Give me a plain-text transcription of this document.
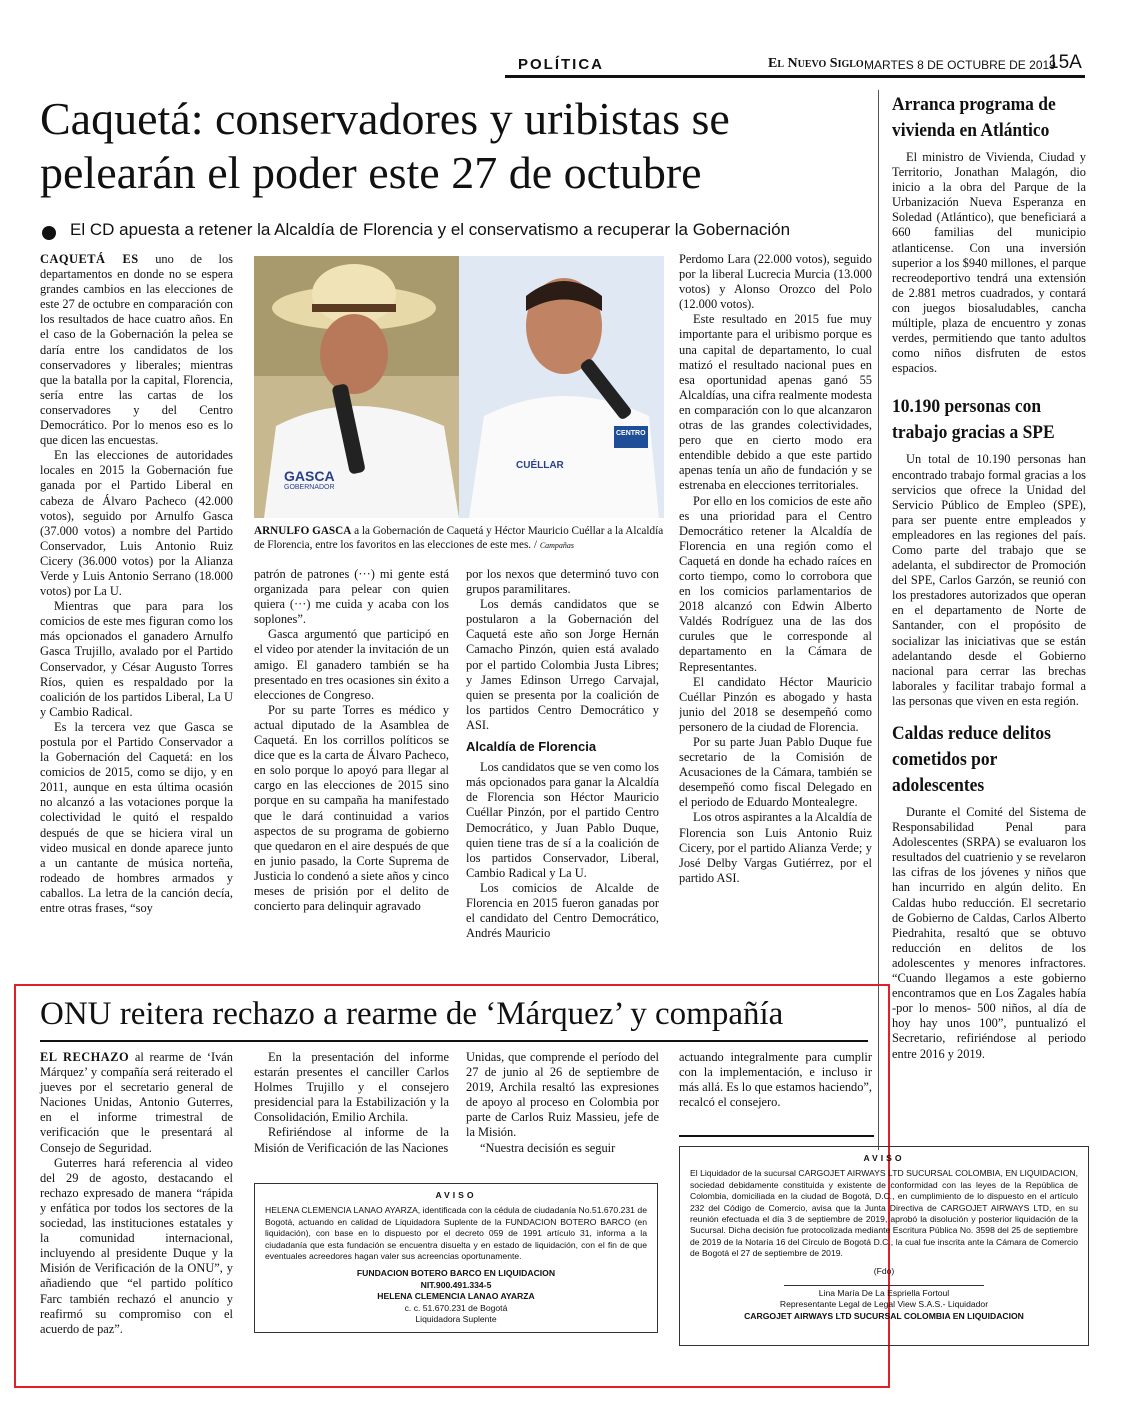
POLÍTICA	El Nuevo Siglo MARTES 8 DE OCTUBRE DE 2019
15A
Caquetá: conservadores y uribistas se pelearán el poder este 27 de octubre
El CD apuesta a retener la Alcaldía de Florencia y el conservatismo a recuperar la Gobernación

CAQUETÁ ES uno de los departamentos en donde no se espera grandes cambios en las elecciones de este 27 de octubre en comparación con los resultados de hace cuatro años. En el caso de la Gobernación la pelea se daría entre los candidatos de los conservadores y liberales; mientras que la batalla por la capital, Florencia, sería entre las cartas de los conservadores y del Centro Democrático. Por lo menos eso es lo que dicen las encuestas.

En las elecciones de autoridades locales en 2015 la Gobernación fue ganada por el Partido Liberal en cabeza de Álvaro Pacheco (42.000 votos), seguido por Arnulfo Gasca (37.000 votos) a nombre del Partido Conservador, Luis Antonio Ruiz Cicery (36.000 votos) por la Alianza Verde y Luis Antonio Serrano (18.000 votos) por La U.

Mientras que para para los comicios de este mes figuran como los más opcionados el ganadero Arnulfo Gasca Trujillo, avalado por el Partido Conservador, y César Augusto Torres Ríos, quien es respaldado por la coalición de los partidos Liberal, La U y Cambio Radical.

Es la tercera vez que Gasca se postula por el Partido Conservador a la Gobernación del Caquetá: en los comicios de 2015, como se dijo, y en 2011, aunque en esta última ocasión no alcanzó a las votaciones porque la colectividad le quitó el respaldo después de que se hiciera viral un video musical en donde aparece junto a un cantante de música norteña, rodeado de hombres armados y caballos. La letra de la canción decía, entre otras frases, “soy

GASCA
GOBERNADOR
CUÉLLAR
CENTRO
ARNULFO GASCA a la Gobernación de Caquetá y Héctor Mauricio Cuéllar a la Alcaldía de Florencia, entre los favoritos en las elecciones de este mes. / Campañas

patrón de patrones (···) mi gente está organizada para pelear con quien quiera (···) me cuida y acaba con los soplones”.

Gasca argumentó que participó en el video por atender la invitación de un amigo. El ganadero también se ha presentado en tres ocasiones sin éxito a elecciones de Congreso.

Por su parte Torres es médico y actual diputado de la Asamblea de Caquetá. En los corrillos políticos se dice que es la carta de Álvaro Pacheco, en solo porque lo apoyó para llegar al cargo en las elecciones de 2015 sino porque en su campaña ha manifestado que le dará continuidad a varios aspectos de su programa de gobierno que quedaron en el aire después de que en junio pasado, la Corte Suprema de Justicia lo condenó a siete años y cinco meses de prisión por el delito de concierto para delinquir agravado

por los nexos que determinó tuvo con grupos paramilitares.

Los demás candidatos que se postularon a la Gobernación del Caquetá este año son Jorge Hernán Camacho Pinzón, quien está avalado por el partido Colombia Justa Libres; y James Edinson Urrego Carvajal, quien se presenta por la coalición de los partidos Centro Democrático y ASI.

Alcaldía de Florencia

Los candidatos que se ven como los más opcionados para ganar la Alcaldía de Florencia son Héctor Mauricio Cuéllar Pinzón, por el partido Centro Democrático, y Juan Pablo Duque, quien tiene tras de sí a la coalición de los partidos Conservador, Liberal, Cambio Radical y La U.

Los comicios de Alcalde de Florencia en 2015 fueron ganadas por el candidato del Centro Democrático, Andrés Mauricio

Perdomo Lara (22.000 votos), seguido por la liberal Lucrecia Murcia (13.000 votos) y Alonso Orozco del Polo (12.000 votos).

Este resultado en 2015 fue muy importante para el uribismo porque es una capital de departamento, lo cual matizó el resultado nacional pues en esa oportunidad apenas ganó 55 Alcaldías, una cifra realmente modesta en comparación con lo que alcanzaron otras de las grandes colectividades, pero que en cierto modo era entendible debido a que este partido apenas tenía un año de fundación y se estrenaba en elecciones territoriales.

Por ello en los comicios de este año es una prioridad para el Centro Democrático retener la Alcaldía de Florencia en una región como el Caquetá en donde ha echado raíces en corto tiempo, como lo corrobora que en los comicios parlamentarios de 2018 alcanzó con Edwin Alberto Valdés Rodríguez una de las dos curules que le corresponde al departamento en la Cámara de Representantes.

El candidato Héctor Mauricio Cuéllar Pinzón es abogado y hasta junio del 2018 se desempeñó como personero de la ciudad de Florencia.

Por su parte Juan Pablo Duque fue secretario de la Comisión de Acusaciones de la Cámara, también se desempeñó como fiscal Delegado en el periodo de Eduardo Montealegre.

Los otros aspirantes a la Alcaldía de Florencia son Luis Antonio Ruiz Cicery, por el partido Alianza Verde; y José Delby Vargas Gutiérrez, por el partido ASI.

Arranca programa de vivienda en Atlántico

El ministro de Vivienda, Ciudad y Territorio, Jonathan Malagón, dio inicio a la obra del Parque de la Urbanización Nueva Esperanza en Soledad (Atlántico), que beneficiará a 660 familias del municipio atlanticense. Con una inversión superior a los $940 millones, el parque recreodeportivo tendrá una extensión de 2.881 metros cuadrados, y contará con juegos biosaludables, cancha múltiple, plaza de encuentro y zonas verdes, permitiendo que tanto adultos como niños disfruten de estos espacios.

10.190 personas con trabajo gracias a SPE

Un total de 10.190 personas han encontrado trabajo formal gracias a los servicios que ofrece la Unidad del Servicio Público de Empleo (SPE), para ser puente entre empleados y empleadores en las regiones del país. Como parte del trabajo que se adelanta, el subdirector de Promoción del SPE, Carlos Garzón, se reunió con los prestadores autorizados que operan en el departamento de Norte de Santander, con el propósito de socializar las iniciativas que se están adelantando desde el Gobierno nacional para cerrar las brechas laborales y facilitar trabajo formal a las personas que viven en esta región.

Caldas reduce delitos cometidos por adolescentes

Durante el Comité del Sistema de Responsabilidad Penal para Adolescentes (SRPA) se evaluaron los resultados del cuatrienio y se revelaron las cifras de los jóvenes y niños que han incurrido en algún delito. En Caldas hubo reducción. El secretario de Gobierno de Caldas, Carlos Alberto Piedrahita, resaltó que se obtuvo reducción en delitos de los adolescentes y menores infractores. “Cuando llegamos a este gobierno encontramos que en Los Zagales había -por lo menos- 500 niños, al día de hoy hay unos 100”, puntualizó el Secretario, refiriéndose al periodo entre 2016 y 2019.

ONU reitera rechazo a rearme de ‘Márquez’ y compañía

EL RECHAZO al rearme de ‘Iván Márquez’ y compañía será reiterado el jueves por el secretario general de Naciones Unidas, Antonio Guterres, en el informe trimestral de verificación que le presentará al Consejo de Seguridad.

Guterres hará referencia al video del 29 de agosto, destacando el rechazo expresado de manera “rápida y enfática por todos los sectores de la sociedad, las instituciones estatales y la comunidad internacional, incluyendo al presidente Duque y la Misión de Verificación de la ONU”, y añadiendo que “el partido político Farc también rechazó el anuncio y reafirmó su compromiso con el acuerdo de paz”.

En la presentación del informe estarán presentes el canciller Carlos Holmes Trujillo y el consejero presidencial para la Estabilización y la Consolidación, Emilio Archila.

Refiriéndose al informe de la Misión de Verificación de las Naciones

Unidas, que comprende el período del 27 de junio al 26 de septiembre de 2019, Archila resaltó las expresiones de apoyo al proceso en Colombia por parte de Carlos Ruiz Massieu, jefe de la Misión.

“Nuestra decisión es seguir

actuando integralmente para cumplir con la implementación, e incluso ir más allá. Es lo que estamos haciendo”, recalcó el consejero.

AVISO
HELENA CLEMENCIA LANAO AYARZA, identificada con la cédula de ciudadanía No.51.670.231 de Bogotá, actuando en calidad de Liquidadora Suplente de la FUNDACION BOTERO BARCO (en liquidación), con base en lo dispuesto por el decreto 059 de 1991 artículo 31, informa a la ciudadanía que esta fundación se encuentra disuelta y en estado de liquidación, con el fin de que eventuales acreedores hagan valer sus acreencias oportunamente.
FUNDACION BOTERO BARCO EN LIQUIDACION
NIT.900.491.334-5
HELENA CLEMENCIA LANAO AYARZA
c. c. 51.670.231 de Bogotá
Liquidadora Suplente
AVISO
El Liquidador de la sucursal CARGOJET AIRWAYS LTD SUCURSAL COLOMBIA, EN LIQUIDACION, sociedad debidamente constituida y existente de conformidad con las leyes de la República de Colombia, domiciliada en la ciudad de Bogotá, D.C., en cumplimiento de lo dispuesto en el artículo 232 del Código de Comercio, avisa que la Junta Directiva de CARGOJET AIRWAYS LTD, en su reunión efectuada el día 3 de septiembre de 2019, aprobó la disolución y posterior liquidación de la Sucursal. Dicha decisión fue protocolizada mediante Escritura Pública No. 3598 del 25 de septiembre de 2019 de la Notaría 16 del Círculo de Bogotá D.C., la cual fue inscrita ante la Cámara de Comercio de Bogotá el 27 de septiembre de 2019.
(Fdo)
Lina María De La Espriella Fortoul
Representante Legal de Legal View S.A.S.- Liquidador
CARGOJET AIRWAYS LTD SUCURSAL COLOMBIA EN LIQUIDACION
